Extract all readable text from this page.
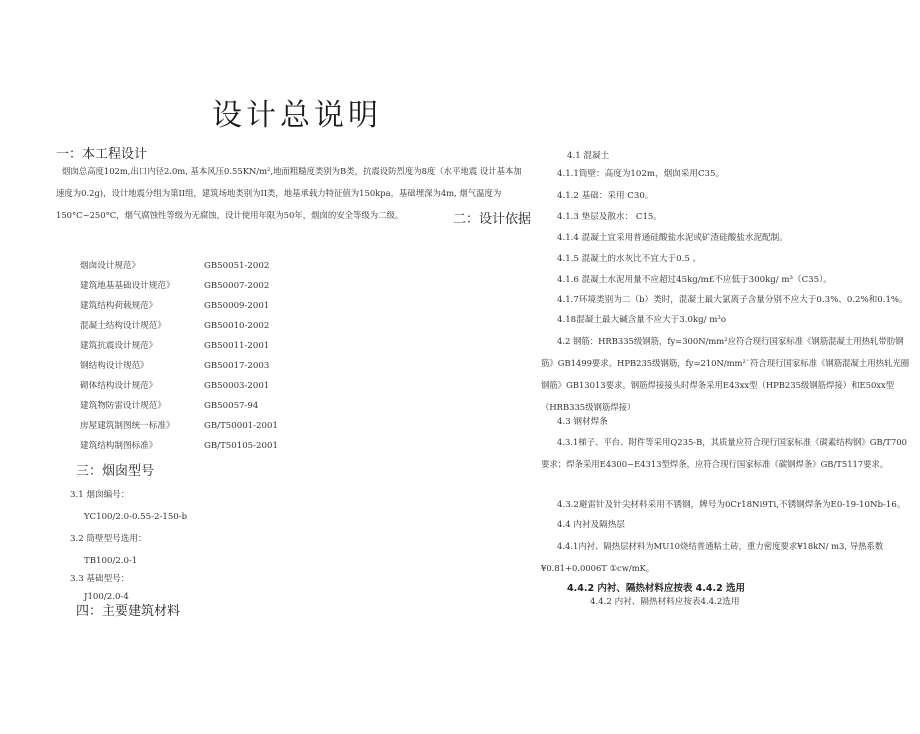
设计总说明
一：本工程设计
烟囱总高度102m,出口内径2.0m, 基本风压0.55KN/m²,地面粗糙度类别为B类，抗震设防烈度为8度（水平地震 设计基本加速度为0.2g)，设计地震分组为第II组，建筑场地类别为II类，地基承载力特征值为150kpa，基础埋深为4m, 烟气温度为150°C~250°C，烟气腐蚀性等级为无腐蚀，设计使用年限为50年，烟囱的安全等级为二级。	二：设计依据
烟囱设计规范》	GB50051-2002
建筑地基基础设计规范》	GB50007-2002
建筑结构荷载规范》	GB50009-2001
混凝土结构设计规范》	GB50010-2002
建筑抗震设计规范》	GB50011-2001
钢结构设计规范》	GB50017-2003
砌体结构设计规范》	GB50003-2001
建筑物防雷设计规范》	GB50057-94
房屋建筑制图统一标准》	GB/T50001-2001
建筑结构制图标准》	GB/T50105-2001
三：烟囱型号
3.1 烟囱编号：
YC100/2.0-0.55-2-150-b
3.2 筒壁型号选用：
TB100/2.0-1
3.3 基础型号：
J100/2.0-4
四：主要建筑材料
4.1 混凝土
4.1.1筒壁：高度为102m，烟囱采用C35。
4.1.2 基础：采用 C30。
4.1.3 垫层及散水： C15。
4.1.4 混凝土宜采用普通硅酸盐水泥或矿渣硅酸盐水泥配制。
4.1.5 混凝土的水灰比不宜大于0.5 。
4.1.6 混凝土水泥用量不应超过45kg/m£不应低于300kg/ m³（C35）。
4.1.7环境类别为二（b）类时，混凝土最大氯离子含量分别不应大于0.3%、0.2%和0.1%。
4.18混凝土最大碱含量不应大于3.0kg/ m³o
4.2 钢筋：HRB335级钢筋，fy=300N/mm²应符合现行国家标准《钢筋混凝土用热轧带肋钢筋》GB1499要求。HPB235级钢筋，fy=210N/mm²`符合现行国家标准《钢筋混凝土用热轧光圈钢筋》GB13013要求。钢筋焊接接头时焊条采用E43xx型（HPB235级钢筋焊接）和E50xx型（HRB335级钢筋焊接）
4.3 钢材焊条
4.3.1梯子、平台、附件等采用Q235-B，其质量应符合现行国家标准《碳素结构钢》GB/T700要求；焊条采用E4300~E4313型焊条，应符合现行国家标准《碳钢焊条》GB/T5117要求。
4.3.2避雷针及针尖材料采用不锈钢，牌号为0Cr18Ni9Ti,不锈钢焊条为E0-19-10Nb-16。
4.4 内衬及隔热层
4.4.1内衬、隔热层材料为MU10烧结普通粘土砖，重力密度要求¥18kN/ m3, 导热系数¥0.81+0.0006T ①cw/mK。
4.4.2 内衬、隔热材料应按表 4.4.2 选用
4.4.2 内衬、隔热材料应按表4.4.2选用
